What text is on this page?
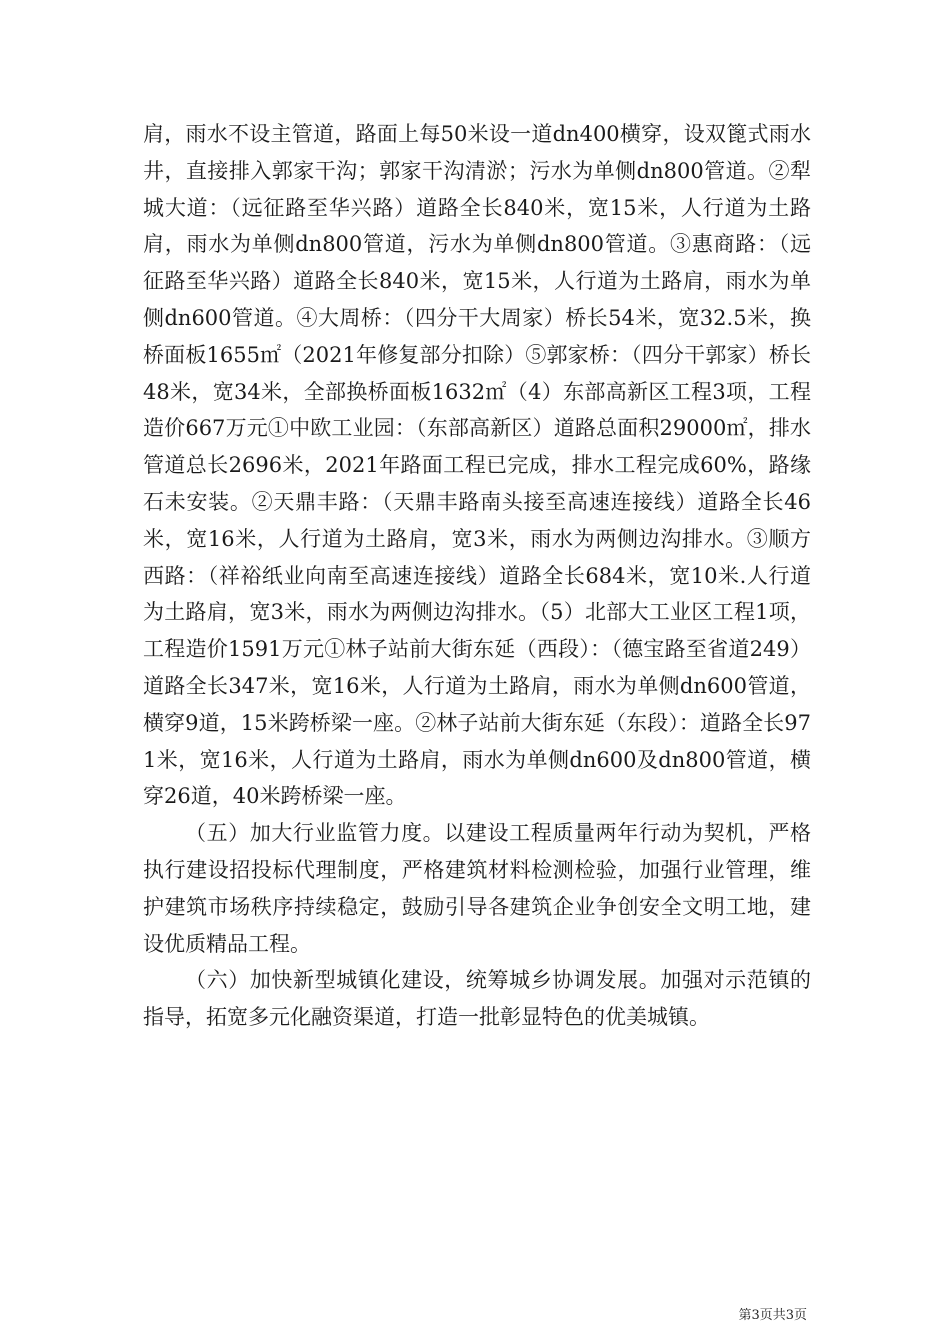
肩，雨水不设主管道，路面上每50米设一道dn400横穿，设双篦式雨水井，直接排入郭家干沟；郭家干沟清淤；污水为单侧dn800管道。②犁城大道：（远征路至华兴路）道路全长840米，宽15米，人行道为土路肩，雨水为单侧dn800管道，污水为单侧dn800管道。③惠商路：（远征路至华兴路）道路全长840米，宽15米，人行道为土路肩，雨水为单侧dn600管道。④大周桥：（四分干大周家）桥长54米，宽32.5米，换桥面板1655㎡（2021年修复部分扣除）⑤郭家桥：（四分干郭家）桥长48米，宽34米，全部换桥面板1632㎡（4）东部高新区工程3项，工程造价667万元①中欧工业园：（东部高新区）道路总面积29000㎡，排水管道总长2696米，2021年路面工程已完成，排水工程完成60%，路缘石未安装。②天鼎丰路：（天鼎丰路南头接至高速连接线）道路全长46米，宽16米，人行道为土路肩，宽3米，雨水为两侧边沟排水。③顺方西路：（祥裕纸业向南至高速连接线）道路全长684米，宽10米.人行道为土路肩，宽3米，雨水为两侧边沟排水。（5）北部大工业区工程1项，工程造价1591万元①林子站前大街东延（西段）：（德宝路至省道249）道路全长347米，宽16米，人行道为土路肩，雨水为单侧dn600管道，横穿9道，15米跨桥梁一座。②林子站前大街东延（东段）：道路全长971米，宽16米，人行道为土路肩，雨水为单侧dn600及dn800管道，横穿26道，40米跨桥梁一座。

（五）加大行业监管力度。以建设工程质量两年行动为契机，严格执行建设招投标代理制度，严格建筑材料检测检验，加强行业管理，维护建筑市场秩序持续稳定，鼓励引导各建筑企业争创安全文明工地，建设优质精品工程。

（六）加快新型城镇化建设，统筹城乡协调发展。加强对示范镇的指导，拓宽多元化融资渠道，打造一批彰显特色的优美城镇。

第3页共3页
